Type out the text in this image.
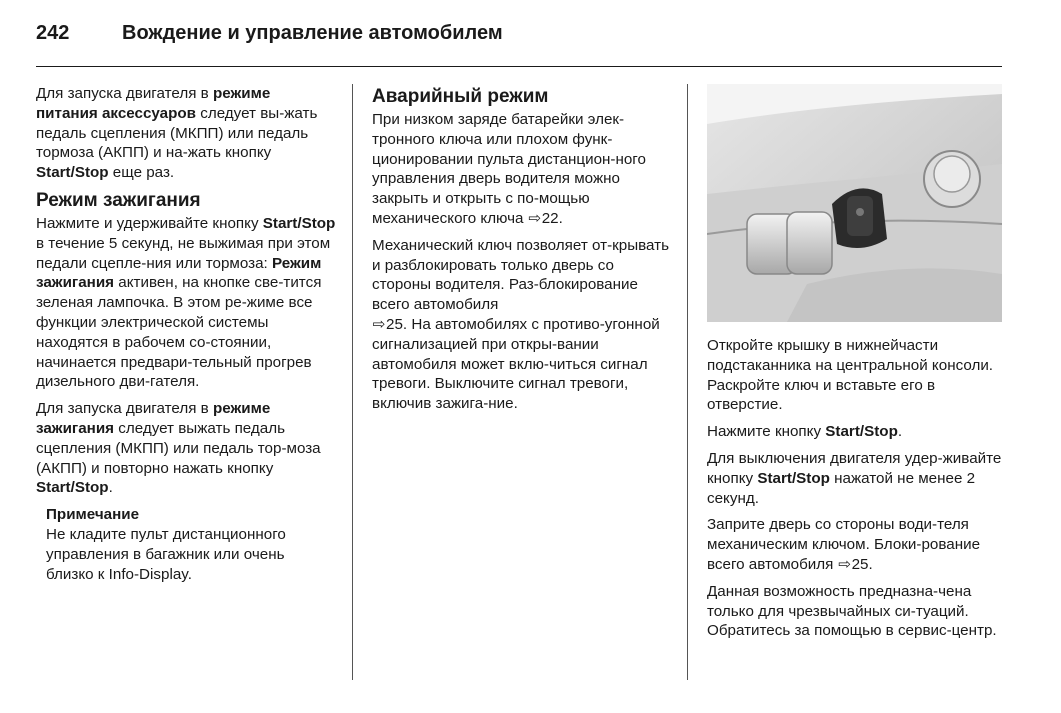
242	Вождение и управление автомобилем

Для запуска двигателя в режиме питания аксессуаров следует вы-жать педаль сцепления (МКПП) или педаль тормоза (АКПП) и на-жать кнопку Start/Stop еще раз.

Режим зажигания

Нажмите и удерживайте кнопку Start/Stop в течение 5 секунд, не выжимая при этом педали сцепле-ния или тормоза: Режим зажигания активен, на кнопке све-тится зеленая лампочка. В этом ре-жиме все функции электрической системы находятся в рабочем со-стоянии, начинается предвари-тельный прогрев дизельного дви-гателя.

Для запуска двигателя в режиме зажигания следует выжать педаль сцепления (МКПП) или педаль тор-моза (АКПП) и повторно нажать кнопку Start/Stop.

Примечание

Не кладите пульт дистанционного управления в багажник или очень близко к Info-Display.

Аварийный режим

При низком заряде батарейки элек-тронного ключа или плохом функ-ционировании пульта дистанцион-ного управления дверь водителя можно закрыть и открыть с по-мощью механического ключа ⇨22.

Механический ключ позволяет от-крывать и разблокировать только дверь со стороны водителя. Раз-блокирование всего автомобиля
⇨25. На автомобилях с противо-угонной сигнализацией при откры-вании автомобиля может вклю-читься сигнал тревоги. Выключите сигнал тревоги, включив зажига-ние.

Откройте крышку в нижнейчасти подстаканника на центральной консоли. Раскройте ключ и вставьте его в отверстие.

Нажмите кнопку Start/Stop.

Для выключения двигателя удер-живайте кнопку Start/Stop нажатой не менее 2 секунд.

Заприте дверь со стороны води-теля механическим ключом. Блоки-рование всего автомобиля ⇨25.

Данная возможность предназна-чена только для чрезвычайных си-туаций. Обратитесь за помощью в сервис-центр.
